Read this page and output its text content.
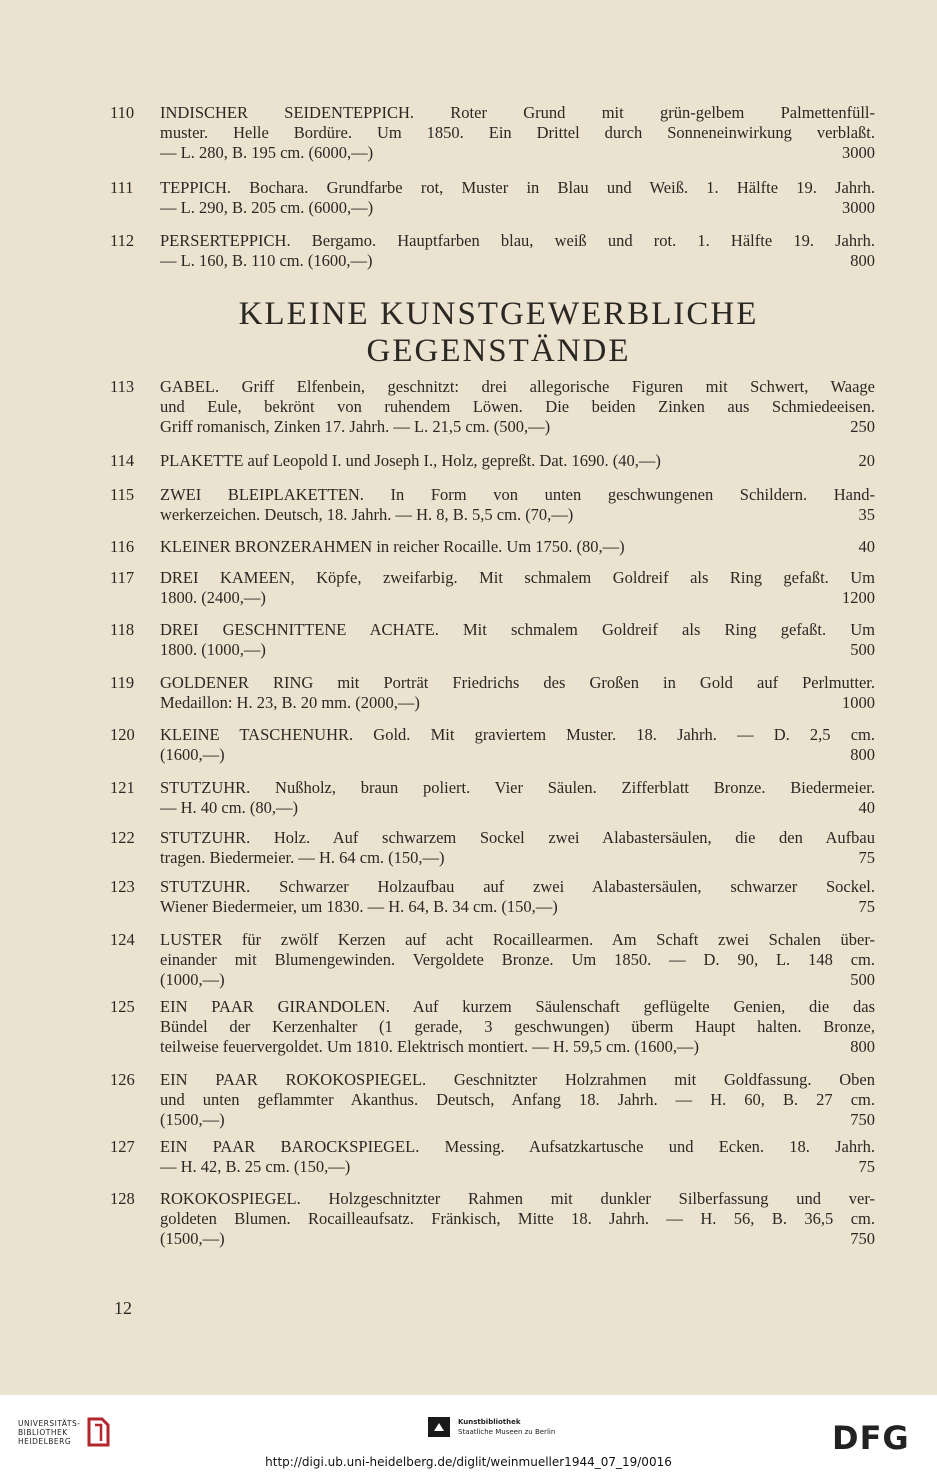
110	INDISCHER SEIDENTEPPICH. Roter Grund mit grün-gelbem Palmettenfüll-
muster. Helle Bordüre. Um 1850. Ein Drittel durch Sonneneinwirkung verblaßt.
— L. 280, B. 195 cm. (6000,—)	3000
111	TEPPICH. Bochara. Grundfarbe rot, Muster in Blau und Weiß. 1. Hälfte 19. Jahrh.
— L. 290, B. 205 cm. (6000,—)	3000
112	PERSERTEPPICH. Bergamo. Hauptfarben blau, weiß und rot. 1. Hälfte 19. Jahrh.
— L. 160, B. 110 cm. (1600,—)	800
113	GABEL. Griff Elfenbein, geschnitzt: drei allegorische Figuren mit Schwert, Waage
und Eule, bekrönt von ruhendem Löwen. Die beiden Zinken aus Schmiedeeisen.
Griff romanisch, Zinken 17. Jahrh. — L. 21,5 cm. (500,—)	250
114	PLAKETTE auf Leopold I. und Joseph I., Holz, gepreßt. Dat. 1690. (40,—)	20
115	ZWEI BLEIPLAKETTEN. In Form von unten geschwungenen Schildern. Hand-
werkerzeichen. Deutsch, 18. Jahrh. — H. 8, B. 5,5 cm. (70,—)	35
116	KLEINER BRONZERAHMEN in reicher Rocaille. Um 1750. (80,—)	40
117	DREI KAMEEN, Köpfe, zweifarbig. Mit schmalem Goldreif als Ring gefaßt. Um
1800. (2400,—)	1200
118	DREI GESCHNITTENE ACHATE. Mit schmalem Goldreif als Ring gefaßt. Um
1800. (1000,—)	500
119	GOLDENER RING mit Porträt Friedrichs des Großen in Gold auf Perlmutter.
Medaillon: H. 23, B. 20 mm. (2000,—)	1000
120	KLEINE TASCHENUHR. Gold. Mit graviertem Muster. 18. Jahrh. — D. 2,5 cm.
(1600,—)	800
121	STUTZUHR. Nußholz, braun poliert. Vier Säulen. Zifferblatt Bronze. Biedermeier.
— H. 40 cm. (80,—)	40
122	STUTZUHR. Holz. Auf schwarzem Sockel zwei Alabastersäulen, die den Aufbau
tragen. Biedermeier. — H. 64 cm. (150,—)	75
123	STUTZUHR. Schwarzer Holzaufbau auf zwei Alabastersäulen, schwarzer Sockel.
Wiener Biedermeier, um 1830. — H. 64, B. 34 cm. (150,—)	75
124	LUSTER für zwölf Kerzen auf acht Rocaillearmen. Am Schaft zwei Schalen über-
einander mit Blumengewinden. Vergoldete Bronze. Um 1850. — D. 90, L. 148 cm.
(1000,—)	500
125	EIN PAAR GIRANDOLEN. Auf kurzem Säulenschaft geflügelte Genien, die das
Bündel der Kerzenhalter (1 gerade, 3 geschwungen) überm Haupt halten. Bronze,
teilweise feuervergoldet. Um 1810. Elektrisch montiert. — H. 59,5 cm. (1600,—)	800
126	EIN PAAR ROKOKOSPIEGEL. Geschnitzter Holzrahmen mit Goldfassung. Oben
und unten geflammter Akanthus. Deutsch, Anfang 18. Jahrh. — H. 60, B. 27 cm.
(1500,—)	750
127	EIN PAAR BAROCKSPIEGEL. Messing. Aufsatzkartusche und Ecken. 18. Jahrh.
— H. 42, B. 25 cm. (150,—)	75
128	ROKOKOSPIEGEL. Holzgeschnitzter Rahmen mit dunkler Silberfassung und ver-
goldeten Blumen. Rocailleaufsatz. Fränkisch, Mitte 18. Jahrh. — H. 56, B. 36,5 cm.
(1500,—)	750
KLEINE KUNSTGEWERBLICHE
GEGENSTÄNDE
12
UNIVERSITÄTS-
BIBLIOTHEK
HEIDELBERG
Kunstbibliothek
Staatliche Museen zu Berlin	DFG
http://digi.ub.uni-heidelberg.de/diglit/weinmueller1944_07_19/0016
